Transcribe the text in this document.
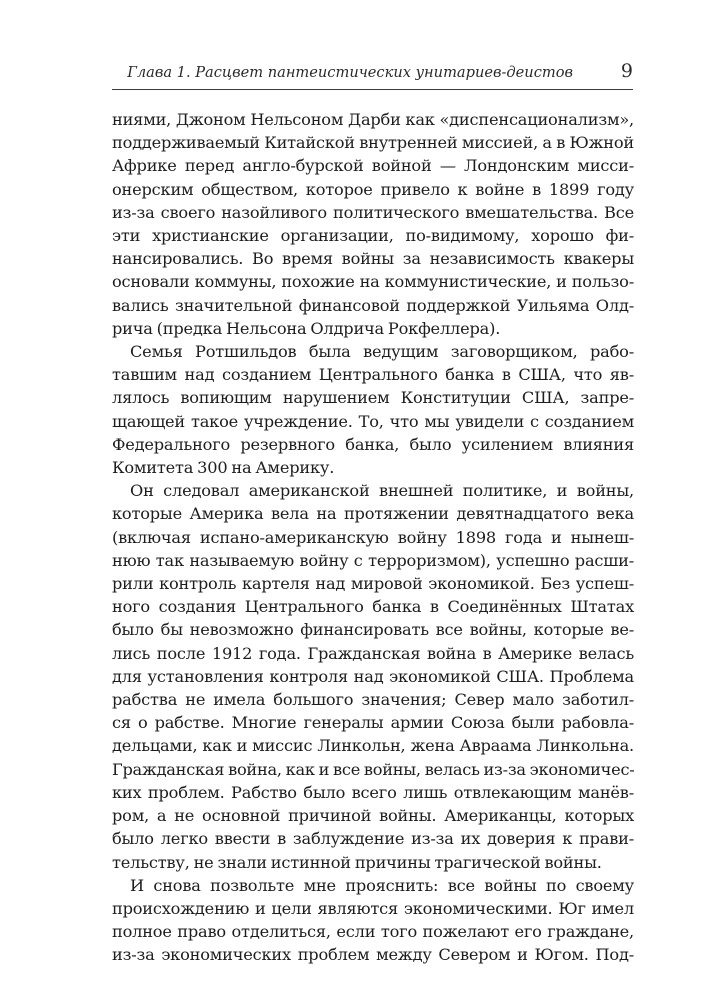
Глава 1. Расцвет пантеистических унитариев-деистов	9
ниями, Джоном Нельсоном Дарби как «диспенсационализм»,
поддерживаемый Китайской внутренней миссией, а в Южной
Африке перед англо-бурской войной — Лондонским мисси-
онерским обществом, которое привело к войне в 1899 году
из-за своего назойливого политического вмешательства. Все
эти христианские организации, по-видимому, хорошо фи-
нансировались. Во время войны за независимость квакеры
основали коммуны, похожие на коммунистические, и пользо-
вались значительной финансовой поддержкой Уильяма Олд-
рича (предка Нельсона Олдрича Рокфеллера).
Семья Ротшильдов была ведущим заговорщиком, рабо-
тавшим над созданием Центрального банка в США, что яв-
лялось вопиющим нарушением Конституции США, запре-
щающей такое учреждение. То, что мы увидели с созданием
Федерального резервного банка, было усилением влияния
Комитета 300 на Америку.
Он следовал американской внешней политике, и войны,
которые Америка вела на протяжении девятнадцатого века
(включая испано-американскую войну 1898 года и нынеш-
нюю так называемую войну с терроризмом), успешно расши-
рили контроль картеля над мировой экономикой. Без успеш-
ного создания Центрального банка в Соединённых Штатах
было бы невозможно финансировать все войны, которые ве-
лись после 1912 года. Гражданская война в Америке велась
для установления контроля над экономикой США. Проблема
рабства не имела большого значения; Север мало заботил-
ся о рабстве. Многие генералы армии Союза были рабовла-
дельцами, как и миссис Линкольн, жена Авраама Линкольна.
Гражданская война, как и все войны, велась из-за экономичес-
ких проблем. Рабство было всего лишь отвлекающим манёв-
ром, а не основной причиной войны. Американцы, которых
было легко ввести в заблуждение из-за их доверия к прави-
тельству, не знали истинной причины трагической войны.
И снова позвольте мне прояснить: все войны по своему
происхождению и цели являются экономическими. Юг имел
полное право отделиться, если того пожелают его граждане,
из-за экономических проблем между Севером и Югом. Под-
